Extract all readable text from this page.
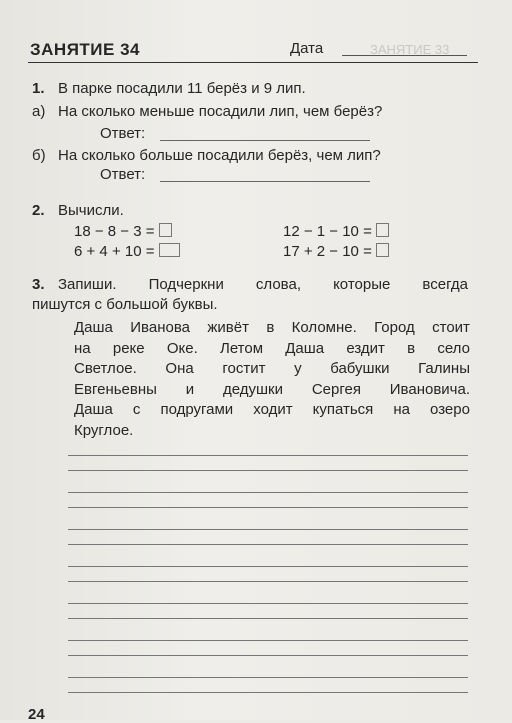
ЗАНЯТИЕ 34	Дата	ЗАНЯТИЕ 33
1. В парке посадили 11 берёз и 9 лип.
а) На сколько меньше посадили лип, чем берёз?
Ответ:
б) На сколько больше посадили берёз, чем лип?
Ответ:
2. Вычисли.
18 − 8 − 3 =	12 − 1 − 10 =
6 + 4 + 10 =	17 + 2 − 10 =
3. Запиши. Подчеркни слова, которые всегда
пишутся с большой буквы.
Даша Иванова живёт в Коломне. Город стоит
на реке Оке. Летом Даша ездит в село
Светлое. Она гостит у бабушки Галины
Евгеньевны и дедушки Сергея Ивановича.
Даша с подругами ходит купаться на озеро
Круглое.
24
